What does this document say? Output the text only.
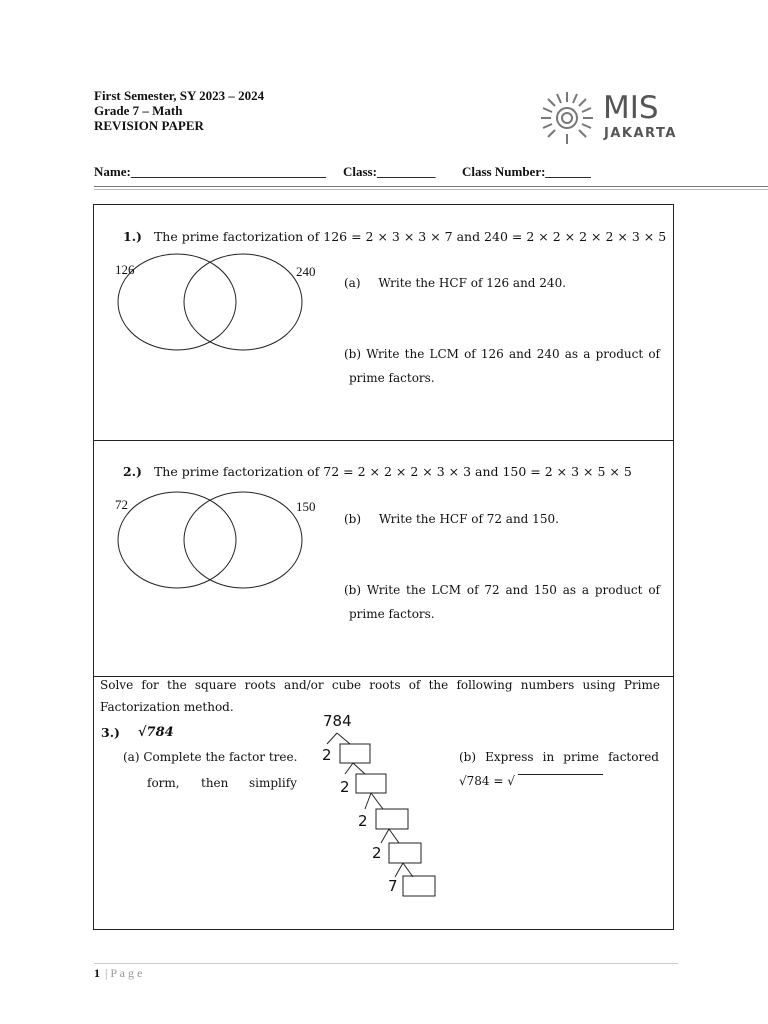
First Semester, SY 2023 – 2024
Grade 7 – Math
REVISION PAPER	MIS
JAKARTA
Name:______________________________ Class:_________ Class Number:_______
1.) The prime factorization of 126 = 2 × 3 × 3 × 7 and 240 = 2 × 2 × 2 × 2 × 3 × 5
126	240
(a) Write the HCF of 126 and 240.
(b) Write the LCM of 126 and 240 as a product of
prime factors.
2.) The prime factorization of 72 = 2 × 2 × 2 × 3 × 3 and 150 = 2 × 3 × 5 × 5
72	150
(b) Write the HCF of 72 and 150.
(b) Write the LCM of 72 and 150 as a product of
prime factors.
Solve for the square roots and/or cube roots of the following numbers using Prime
Factorization method.
3.) √784
(a) Complete the factor tree.
form, then simplify
(b) Express in prime factored
√784 = √
784
2
2
2
2
7
1 | P a g e
